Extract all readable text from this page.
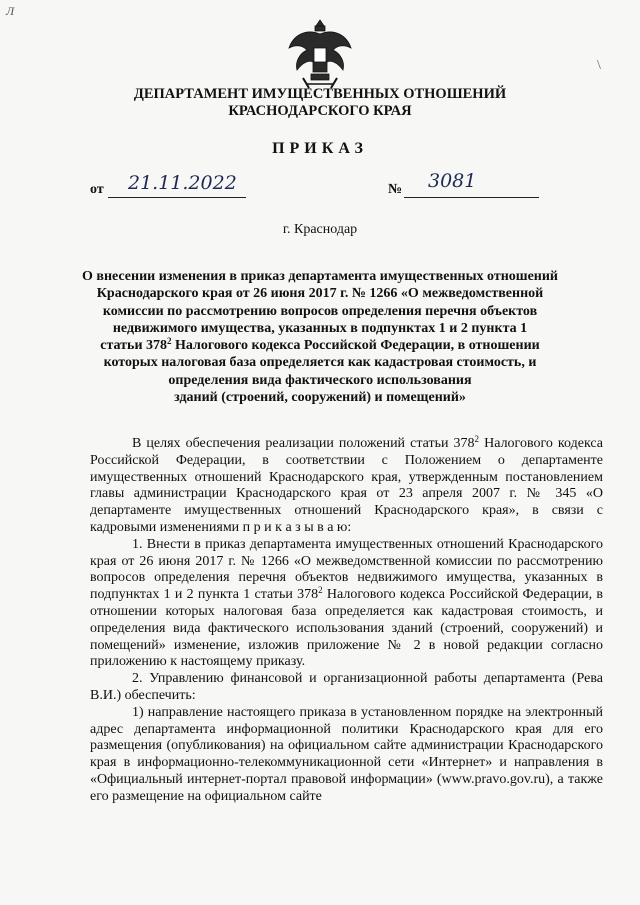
Л
\
ДЕПАРТАМЕНТ ИМУЩЕСТВЕННЫХ ОТНОШЕНИЙ
КРАСНОДАРСКОГО КРАЯ
ПРИКАЗ
от 21.11.2022	№ 3081
г. Краснодар
О внесении изменения в приказ департамента имущественных отношений
Краснодарского края от 26 июня 2017 г. № 1266 «О межведомственной
комиссии по рассмотрению вопросов определения перечня объектов
недвижимого имущества, указанных в подпунктах 1 и 2 пункта 1
статьи $378^2$ Налогового кодекса Российской Федерации, в отношении
которых налоговая база определяется как кадастровая стоимость, и
определения вида фактического использования
зданий (строений, сооружений) и помещений»

В целях обеспечения реализации положений статьи $378^2$ Налогового кодекса Российской Федерации, в соответствии с Положением о департаменте имущественных отношений Краснодарского края, утвержденным постановлением главы администрации Краснодарского края от 23 апреля 2007 г. № 345 «О департаменте имущественных отношений Краснодарского края», в связи с кадровыми изменениями п р и к а з ы в а ю:

1. Внести в приказ департамента имущественных отношений Краснодарского края от 26 июня 2017 г. № 1266 «О межведомственной комиссии по рассмотрению вопросов определения перечня объектов недвижимого имущества, указанных в подпунктах 1 и 2 пункта 1 статьи $378^2$ Налогового кодекса Российской Федерации, в отношении которых налоговая база определяется как кадастровая стоимость, и определения вида фактического использования зданий (строений, сооружений) и помещений» изменение, изложив приложение № 2 в новой редакции согласно приложению к настоящему приказу.

2. Управлению финансовой и организационной работы департамента (Рева В.И.) обеспечить:

1) направление настоящего приказа в установленном порядке на электронный адрес департамента информационной политики Краснодарского края для его размещения (опубликования) на официальном сайте администрации Краснодарского края в информационно-телекоммуникационной сети «Интернет» и направления в «Официальный интернет-портал правовой информации» (www.pravo.gov.ru), а также его размещение на официальном сайте
